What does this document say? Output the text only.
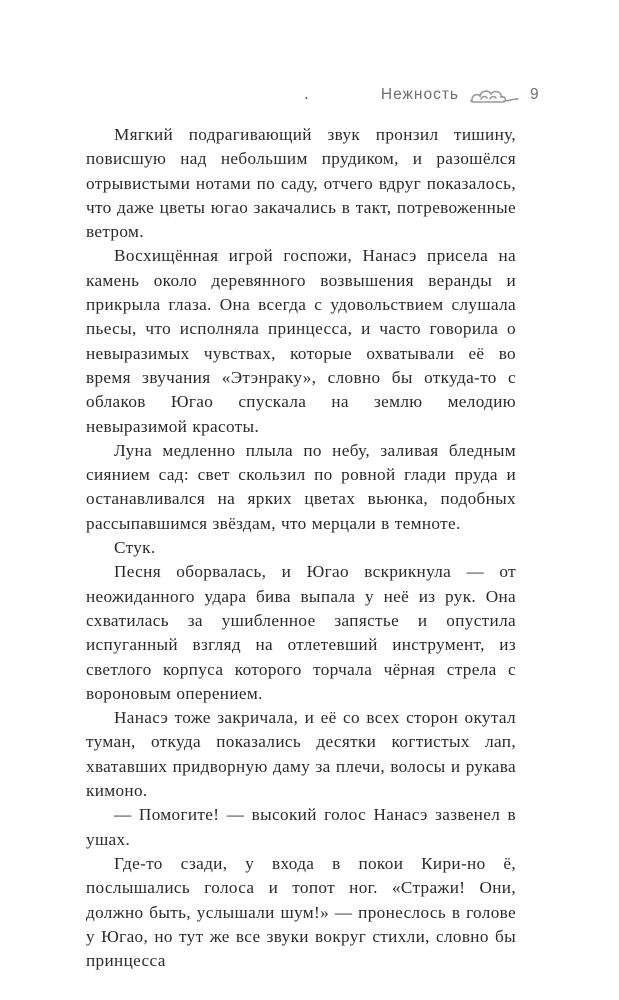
.	Нежность	9

Мягкий подрагивающий звук пронзил тишину, повисшую над небольшим прудиком, и разошёлся отрывистыми нотами по саду, отчего вдруг показалось, что даже цветы югао закачались в такт, потревоженные ветром.

Восхищённая игрой госпожи, Нанасэ присела на камень около деревянного возвышения веранды и прикрыла глаза. Она всегда с удовольствием слушала пьесы, что исполняла принцесса, и часто говорила о невыразимых чувствах, которые охватывали её во время звучания «Этэнраку», словно бы откуда-то с облаков Югао спускала на землю мелодию невыразимой красоты.

Луна медленно плыла по небу, заливая бледным сиянием сад: свет скользил по ровной глади пруда и останавливался на ярких цветах вьюнка, подобных рассыпавшимся звёздам, что мерцали в темноте.

Стук.

Песня оборвалась, и Югао вскрикнула — от неожиданного удара бива выпала у неё из рук. Она схватилась за ушибленное запястье и опустила испуганный взгляд на отлетевший инструмент, из светлого корпуса которого торчала чёрная стрела с вороновым оперением.

Нанасэ тоже закричала, и её со всех сторон окутал туман, откуда показались десятки когтистых лап, хватавших придворную даму за плечи, волосы и рукава кимоно.

— Помогите! — высокий голос Нанасэ зазвенел в ушах.

Где-то сзади, у входа в покои Кири-но ё, послышались голоса и топот ног. «Стражи! Они, должно быть, услышали шум!» — пронеслось в голове у Югао, но тут же все звуки вокруг стихли, словно бы принцесса
